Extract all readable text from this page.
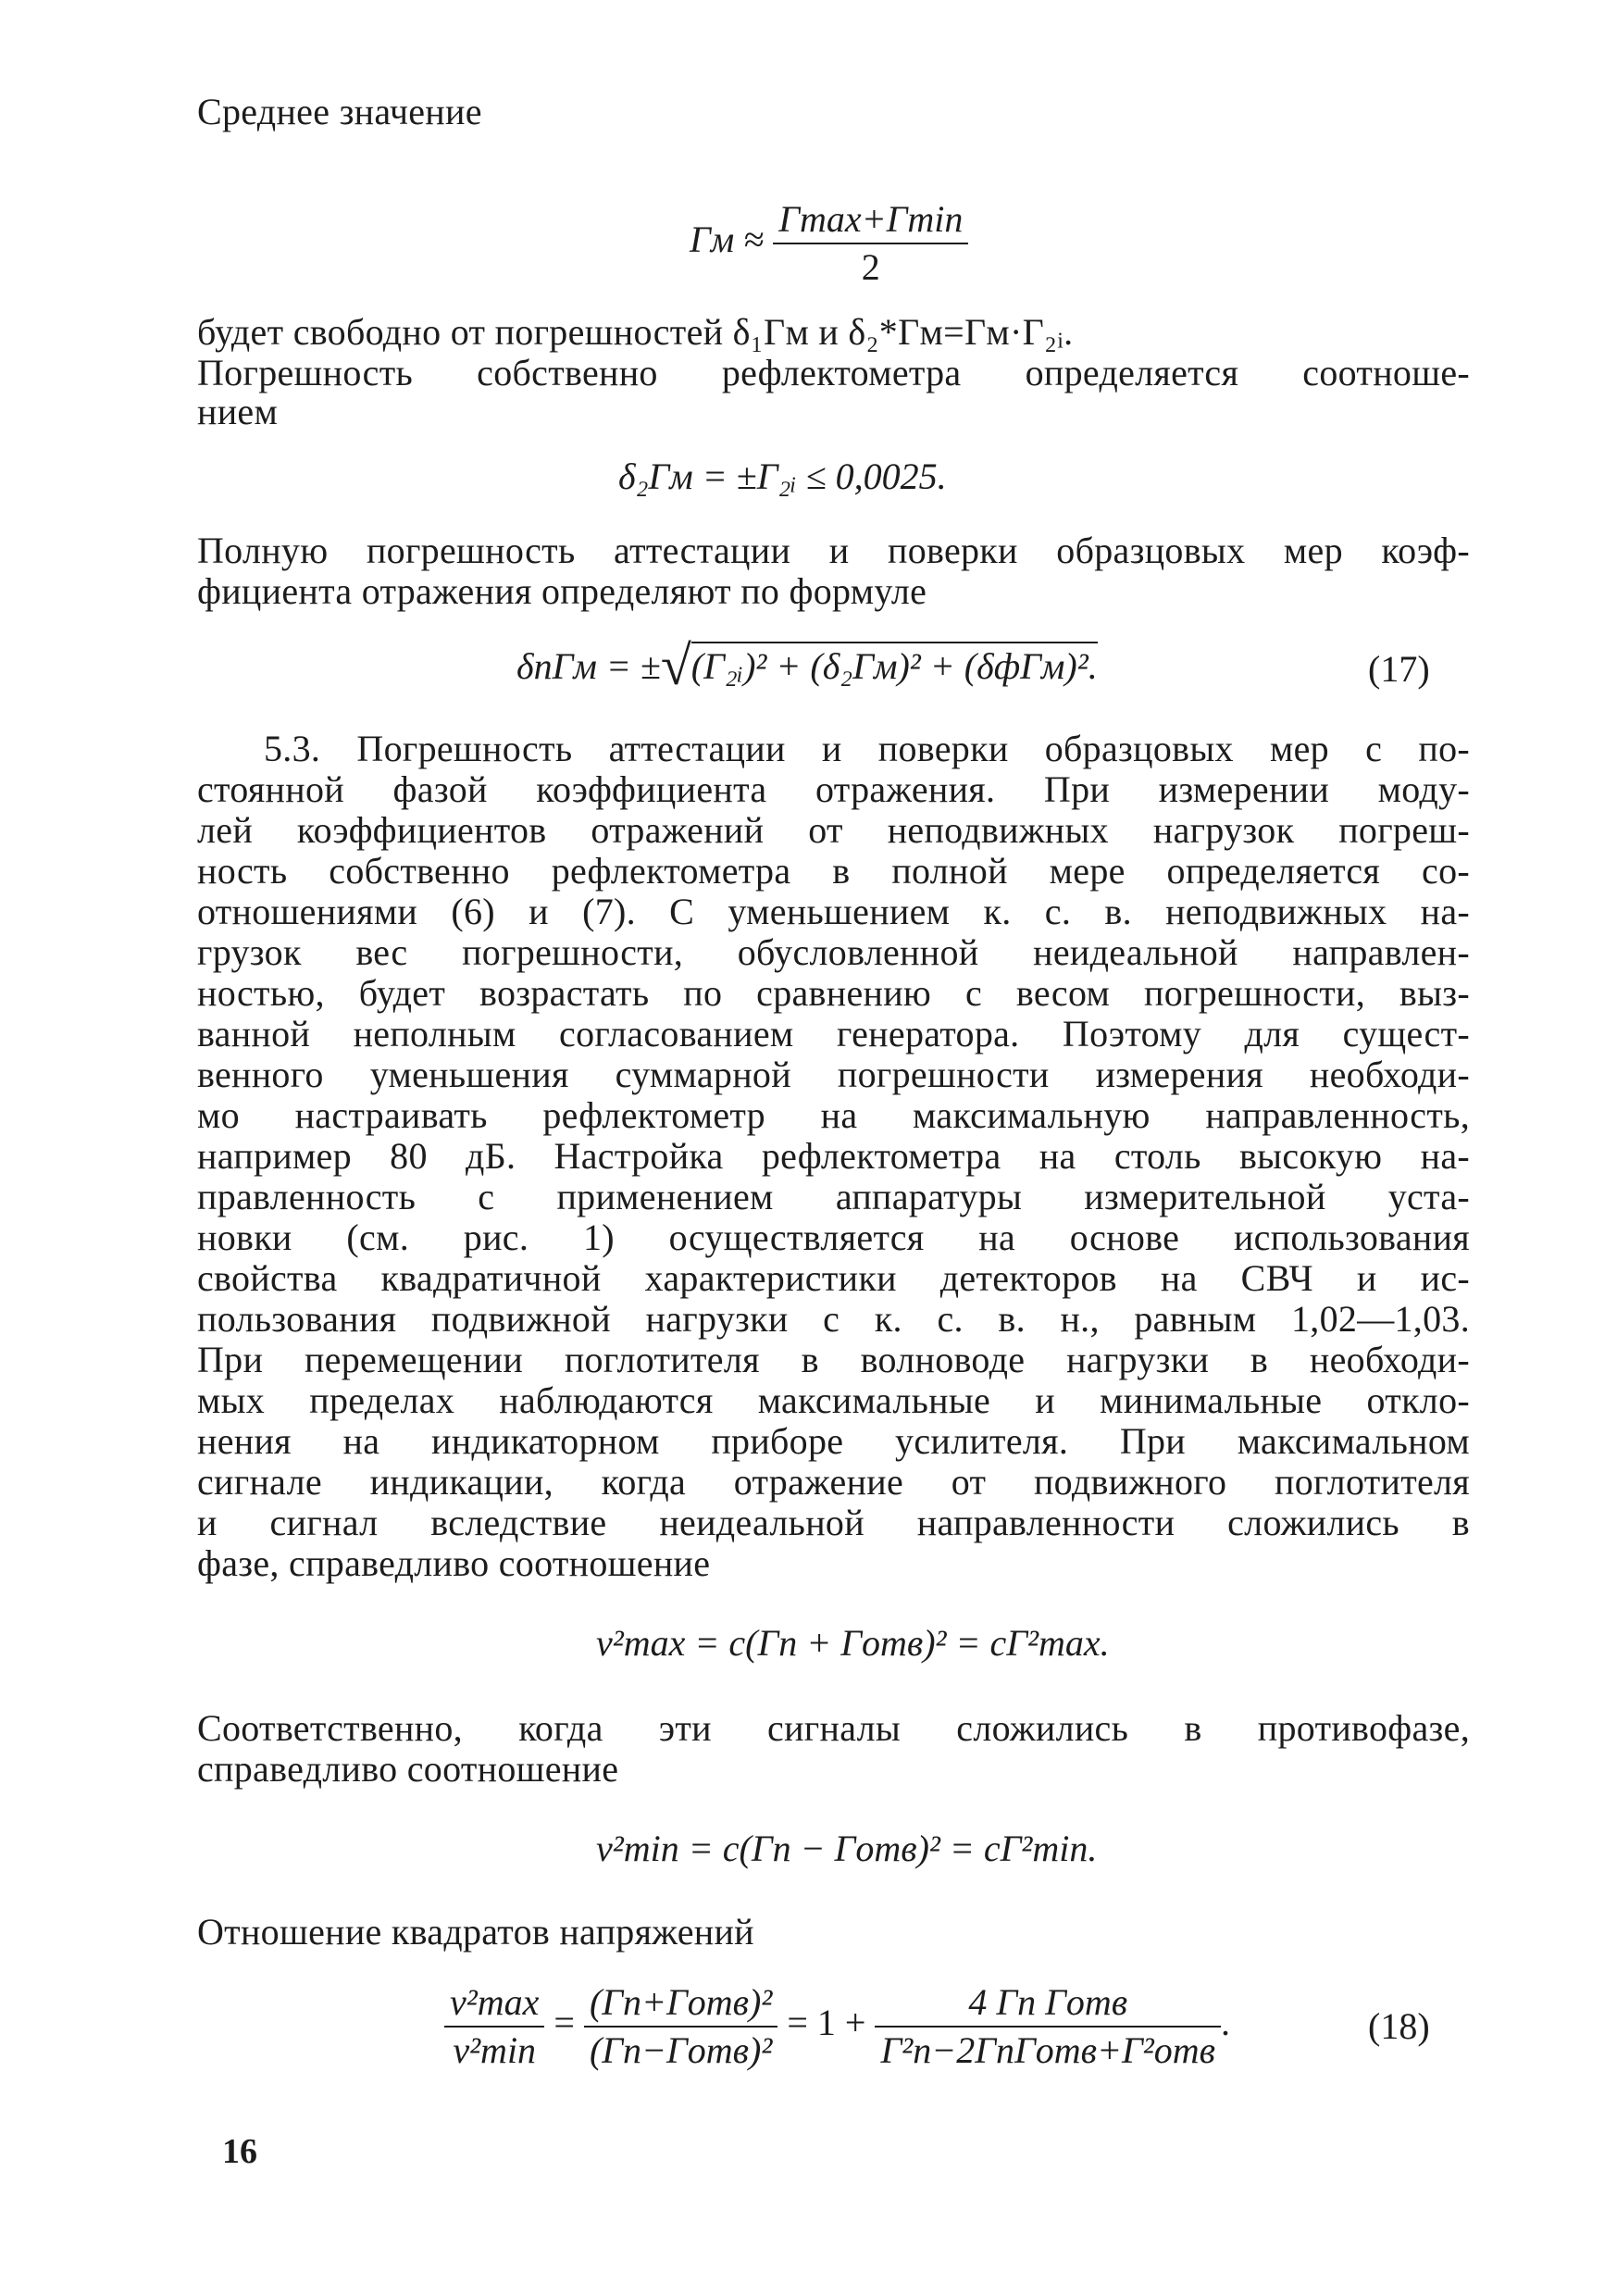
Среднее значение
$\Gamma м \approx \frac{\Gamma\max+\Gamma\min}{2}$
будет свободно от погрешностей δ₁Γм и δ₂*Γм=Γм·Γ₂ᵢ.
Погрешность собственно рефлектометра определяется соотноше-
нием
δ₂Γм = ±Γ₂ᵢ ≤ 0,0025.
Полную погрешность аттестации и поверки образцовых мер коэф-
фициента отражения определяют по формуле
δпΓм = ±√(Γ₂ᵢ)² + (δ₂Γм)² + (δфΓм)².	(17)
5.3. Погрешность аттестации и поверки образцовых мер с по-
стоянной фазой коэффициента отражения. При измерении моду-
лей коэффициентов отражений от неподвижных нагрузок погреш-
ность собственно рефлектометра в полной мере определяется со-
отношениями (6) и (7). С уменьшением к. с. в. неподвижных на-
грузок вес погрешности, обусловленной неидеальной направлен-
ностью, будет возрастать по сравнению с весом погрешности, выз-
ванной неполным согласованием генератора. Поэтому для сущест-
венного уменьшения суммарной погрешности измерения необходи-
мо настраивать рефлектометр на максимальную направленность,
например 80 дБ. Настройка рефлектометра на столь высокую на-
правленность с применением аппаратуры измерительной уста-
новки (см. рис. 1) осуществляется на основе использования
свойства квадратичной характеристики детекторов на СВЧ и ис-
пользования подвижной нагрузки с к. с. в. н., равным 1,02—1,03.
При перемещении поглотителя в волноводе нагрузки в необходи-
мых пределах наблюдаются максимальные и минимальные откло-
нения на индикаторном приборе усилителя. При максимальном
сигнале индикации, когда отражение от подвижного поглотителя
и сигнал вследствие неидеальной направленности сложились в
фазе, справедливо соотношение
v²max = c(Γп + Γотв)² = cΓ²max.
Соответственно, когда эти сигналы сложились в противофазе,
справедливо соотношение
v²min = c(Γп − Γотв)² = cΓ²min.
Отношение квадратов напряжений
$\frac{\text{v²max}}{\text{v²min}} = \frac{\text{(Γп+Γотв)²}}{\text{(Γп−Γотв)²}} = 1 + \frac{\text{4 Γп Γотв}}{\text{Γ²п−2ΓпΓотв+Γ²отв}}$ .	(18)
16
